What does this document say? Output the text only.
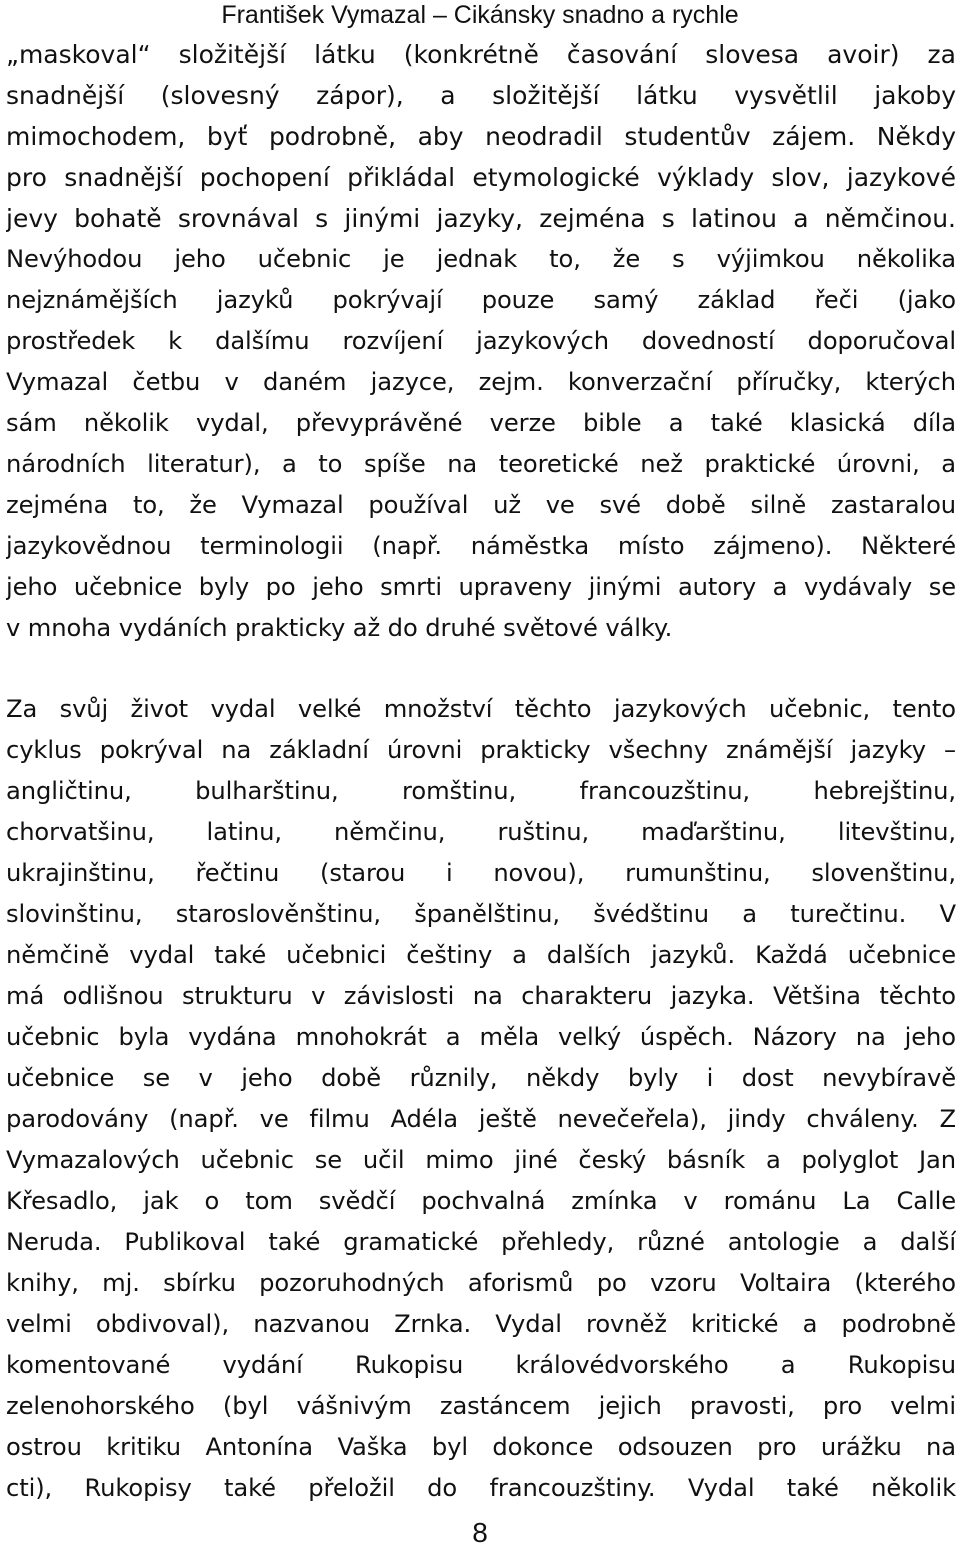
František Vymazal – Cikánsky snadno a rychle
„maskoval“ složitější látku (konkrétně časování slovesa avoir) za
snadnější (slovesný zápor), a složitější látku vysvětlil jakoby
mimochodem, byť podrobně, aby neodradil studentův zájem. Někdy
pro snadnější pochopení přikládal etymologické výklady slov, jazykové
jevy bohatě srovnával s jinými jazyky, zejména s latinou a němčinou.
Nevýhodou jeho učebnic je jednak to, že s výjimkou několika
nejznámějších jazyků pokrývají pouze samý základ řeči (jako
prostředek k dalšímu rozvíjení jazykových dovedností doporučoval
Vymazal četbu v daném jazyce, zejm. konverzační příručky, kterých
sám několik vydal, převyprávěné verze bible a také klasická díla
národních literatur), a to spíše na teoretické než praktické úrovni, a
zejména to, že Vymazal používal už ve své době silně zastaralou
jazykovědnou terminologii (např. náměstka místo zájmeno). Některé
jeho učebnice byly po jeho smrti upraveny jinými autory a vydávaly se
v mnoha vydáních prakticky až do druhé světové války.
Za svůj život vydal velké množství těchto jazykových učebnic, tento
cyklus pokrýval na základní úrovni prakticky všechny známější jazyky –
angličtinu, bulharštinu, romštinu, francouzštinu, hebrejštinu,
chorvatšinu, latinu, němčinu, ruštinu, maďarštinu, litevštinu,
ukrajinštinu, řečtinu (starou i novou), rumunštinu, slovenštinu,
slovinštinu, staroslověnštinu, španělštinu, švédštinu a turečtinu. V
němčině vydal také učebnici češtiny a dalších jazyků. Každá učebnice
má odlišnou strukturu v závislosti na charakteru jazyka. Většina těchto
učebnic byla vydána mnohokrát a měla velký úspěch. Názory na jeho
učebnice se v jeho době různily, někdy byly i dost nevybíravě
parodovány (např. ve filmu Adéla ještě nevečeřela), jindy chváleny. Z
Vymazalových učebnic se učil mimo jiné český básník a polyglot Jan
Křesadlo, jak o tom svědčí pochvalná zmínka v románu La Calle
Neruda. Publikoval také gramatické přehledy, různé antologie a další
knihy, mj. sbírku pozoruhodných aforismů po vzoru Voltaira (kterého
velmi obdivoval), nazvanou Zrnka. Vydal rovněž kritické a podrobně
komentované vydání Rukopisu královédvorského a Rukopisu
zelenohorského (byl vášnivým zastáncem jejich pravosti, pro velmi
ostrou kritiku Antonína Vaška byl dokonce odsouzen pro urážku na
cti), Rukopisy také přeložil do francouzštiny. Vydal také několik
8
